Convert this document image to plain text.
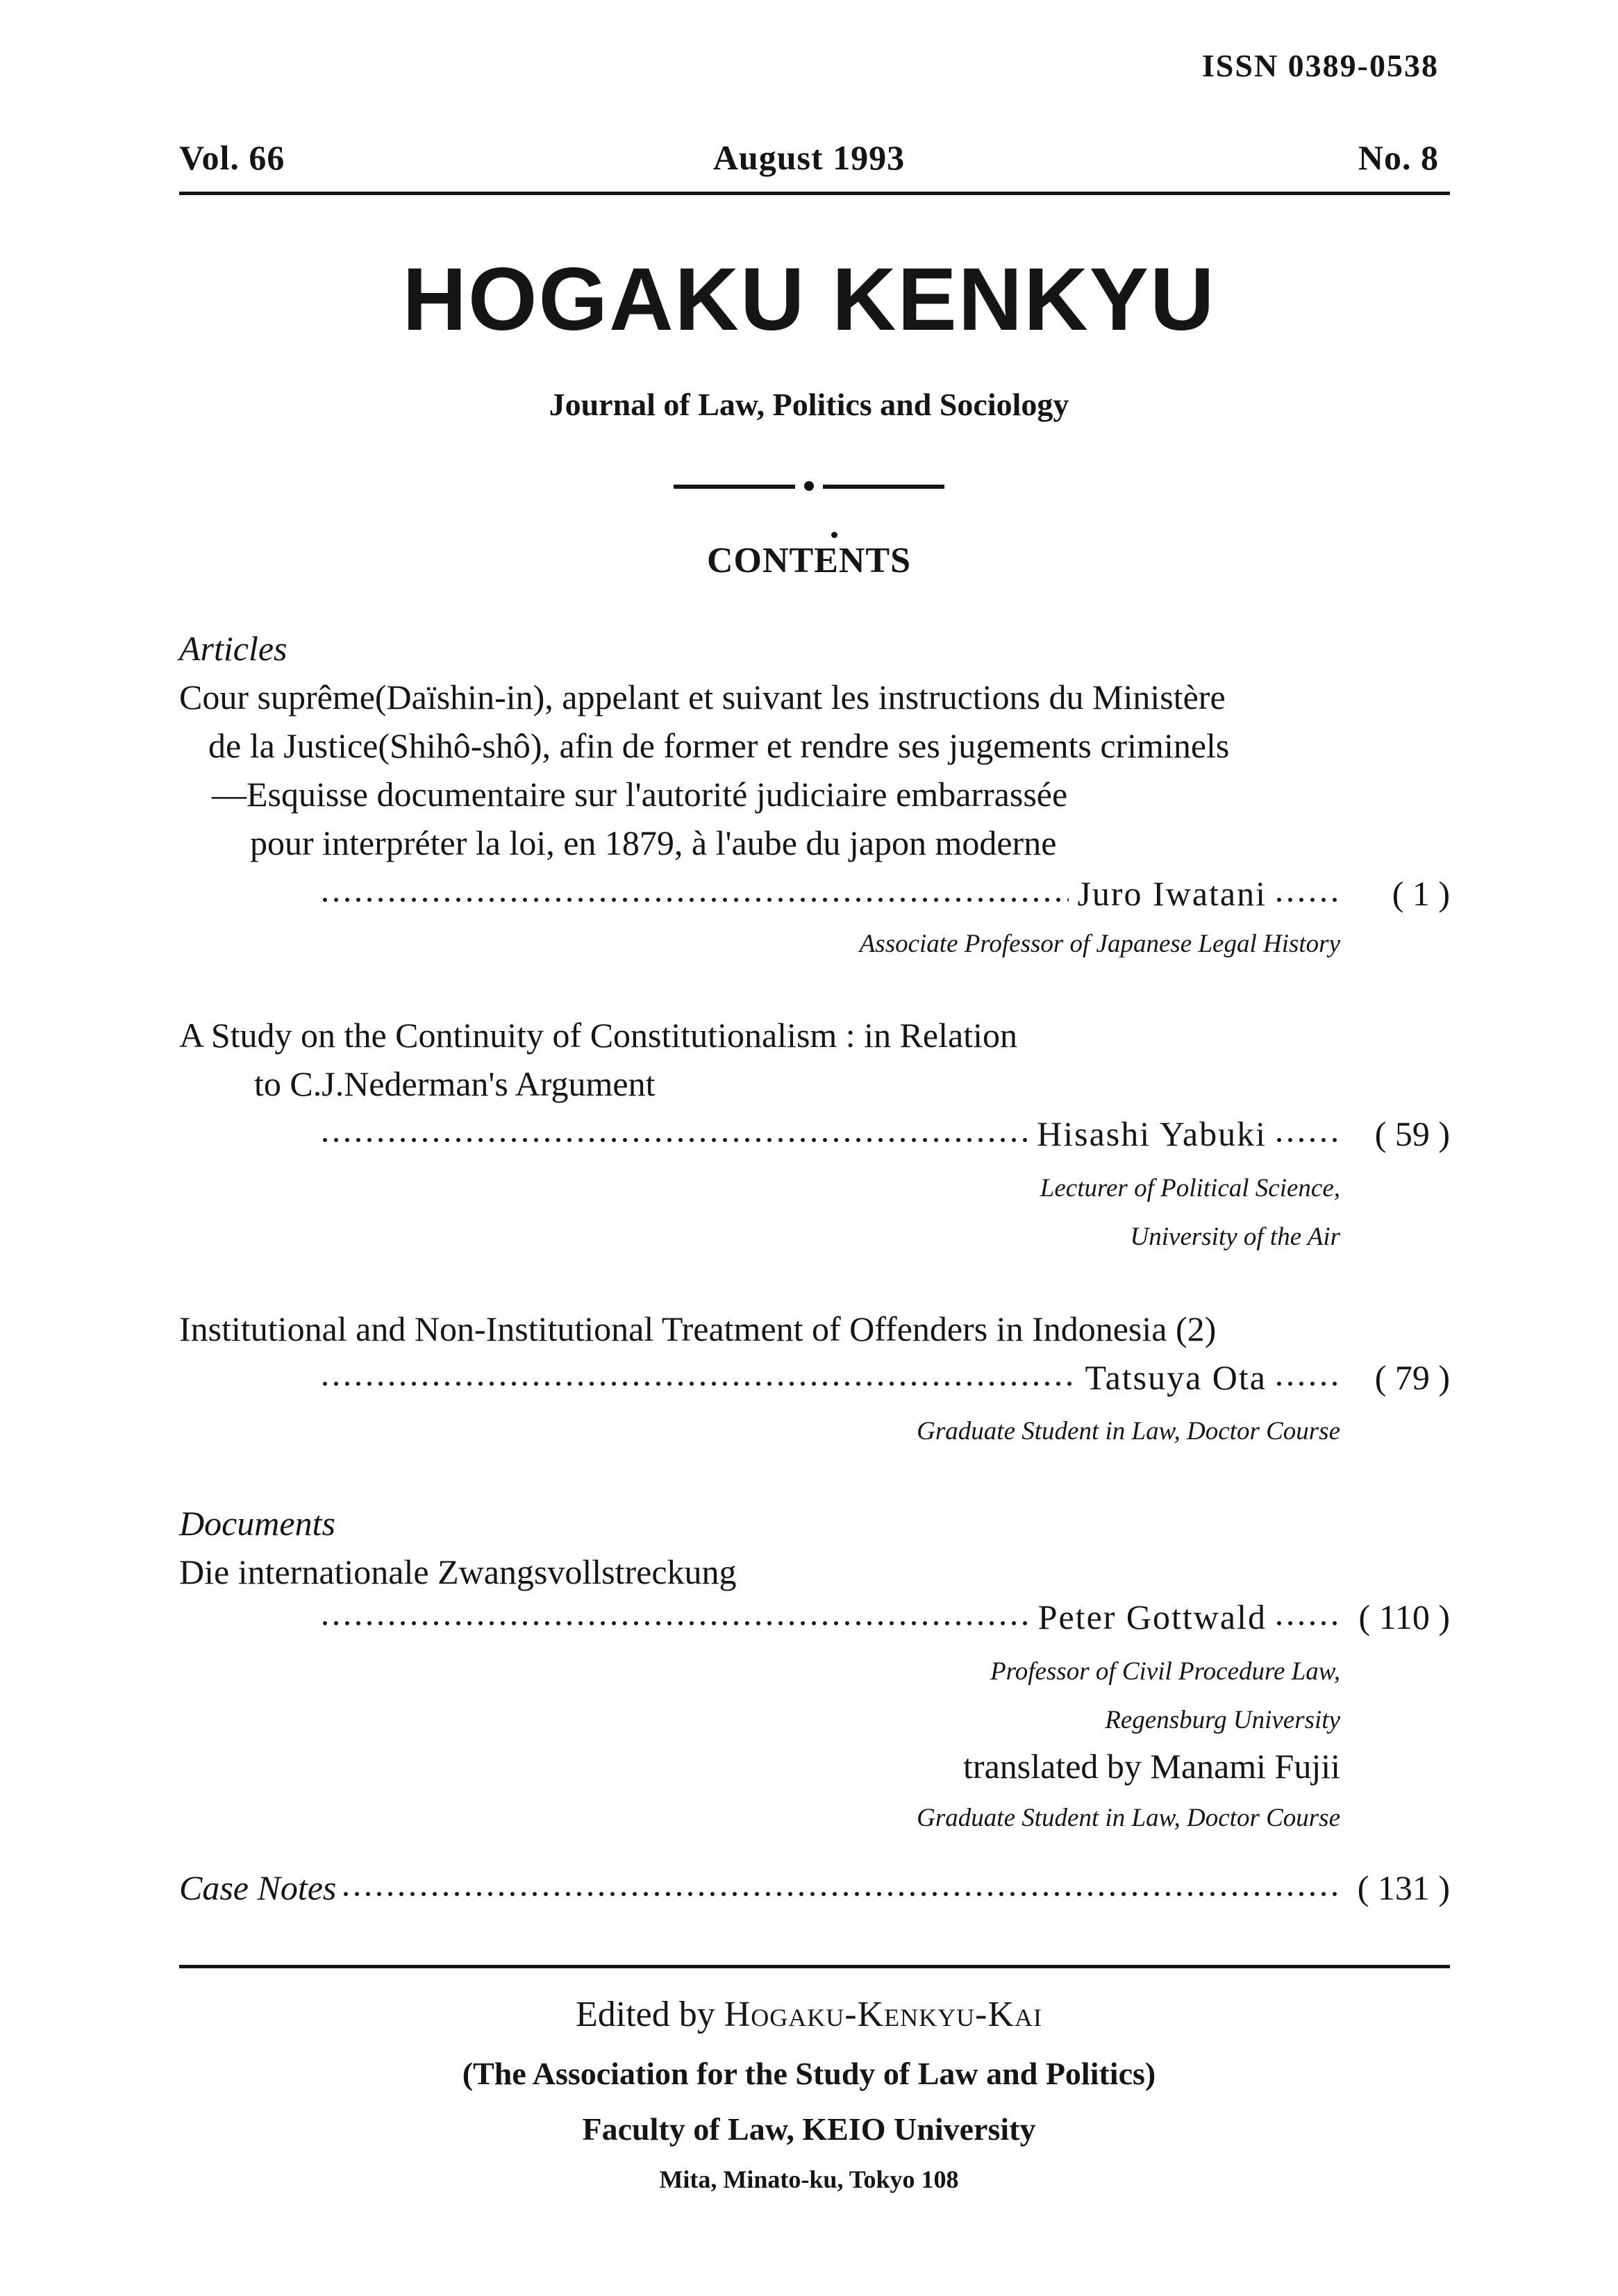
ISSN 0389-0538
Vol. 66	August 1993	No. 8
HOGAKU KENKYU
Journal of Law, Politics and Sociology
CONTENTS
Articles
Cour suprême(Daïshin-in), appelant et suivant les instructions du Ministère
de la Justice(Shihô-shô), afin de former et rendre ses jugements criminels
—Esquisse documentaire sur l'autorité judiciaire embarrassée
pour interpréter la loi, en 1879, à l'aube du japon moderne
Juro Iwatani	( 1 )
Associate Professor of Japanese Legal History
A Study on the Continuity of Constitutionalism : in Relation
to C.J.Nederman's Argument
Hisashi Yabuki	( 59 )
Lecturer of Political Science,
University of the Air
Institutional and Non-Institutional Treatment of Offenders in Indonesia (2)
Tatsuya Ota	( 79 )
Graduate Student in Law, Doctor Course
Documents
Die internationale Zwangsvollstreckung
Peter Gottwald	( 110 )
Professor of Civil Procedure Law,
Regensburg University
translated by Manami Fujii
Graduate Student in Law, Doctor Course
Case Notes	( 131 )
Edited by Hogaku-Kenkyu-Kai
(The Association for the Study of Law and Politics)
Faculty of Law, KEIO University
Mita, Minato-ku, Tokyo 108
